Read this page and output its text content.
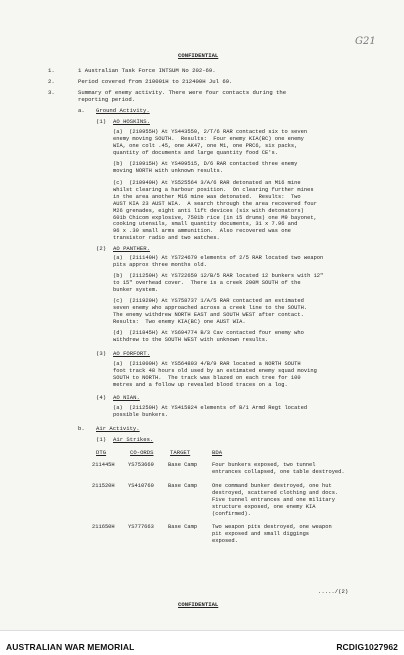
G21
CONFIDENTIAL
1.	1 Australian Task Force INTSUM No 202-69.
2.	Period covered from 210001H to 212400H Jul 69.
3.	Summary of enemy activity. There were four contacts during the
reporting period.
a. Ground Activity.
(1) AO HOSKINS.
(a)  (210955H) At YS443550, 2/T/6 RAR contacted six to seven
enemy moving SOUTH.  Results:  Four enemy KIA(BC) one enemy
WIA, one colt .45, one AK47, one M1, one PRC6, six packs,
quantity of documents and large quantity food CE's.
(b)  (210915H) At YS499515, D/6 RAR contacted three enemy
moving NORTH with unknown results.
(c)  (210940H) At YS525564 3/A/6 RAR detonated an M16 mine
whilst clearing a harbour position.  On clearing further mines
in the area another M16 mine was detonated.  Results:  Two
AUST KIA 23 AUST WIA.  A search through the area recovered four
M26 grenades, eight anti lift devices (six with detonators)
601b Chicom explosive, 7501b rice (in 15 drums) one M9 bayonet,
cooking utensils, small quantity documents, 31 x 7.96 and
96 x .30 small arms ammunition.  Also recovered was one
transistor radio and two watches.
(2) AO PANTHER.
(a)  (211140H) At YS724679 elements of 2/5 RAR located two weapon
pits approx three months old.
(b)  (211250H) At YS722659 12/B/5 RAR located 12 bunkers with 12"
to 15" overhead cover.  There is a creek 200M SOUTH of the
bunker system.
(c)  (211920H) At YS758737 1/A/5 RAR contacted an estimated
seven enemy who approached across a creek line to the SOUTH.
The enemy withdrew NORTH EAST and SOUTH WEST after contact.
Results:  Two enemy KIA(BC) one AUST WIA.
(d)  (211845H) At YS694774 B/3 Cav contacted four enemy who
withdrew to the SOUTH WEST with unknown results.
(3) AO FORFORT.
(a)  (211000H) At YS564803 4/B/9 RAR located a NORTH SOUTH
foot track 48 hours old used by an estimated enemy squad moving
SOUTH to NORTH.  The track was blazed on each tree for 100
metres and a follow up revealed blood traces on a log.
(4) AO NIAN.
(a)  (211250H) At YS415824 elements of B/1 Armd Regt located
possible bunkers.
b. Air Activity.
(1) Air Strikes.
DTG	CO-ORDS	TARGET	BDA
211445H YS753669	Base Camp	Four bunkers exposed, two tunnel
entrances collapsed, one table destroyed.
211520H YS410760	Base Camp	One command bunker destroyed, one hut
destroyed, scattered clothing and docs.
Five tunnel entrances and one military
structure exposed, one enemy KIA
(confirmed).
211650H YS777663	Base Camp	Two weapon pits destroyed, one weapon
pit exposed and small diggings
exposed.
...../(2)
CONFIDENTIAL
AUSTRALIAN WAR MEMORIAL	RCDIG1027962
